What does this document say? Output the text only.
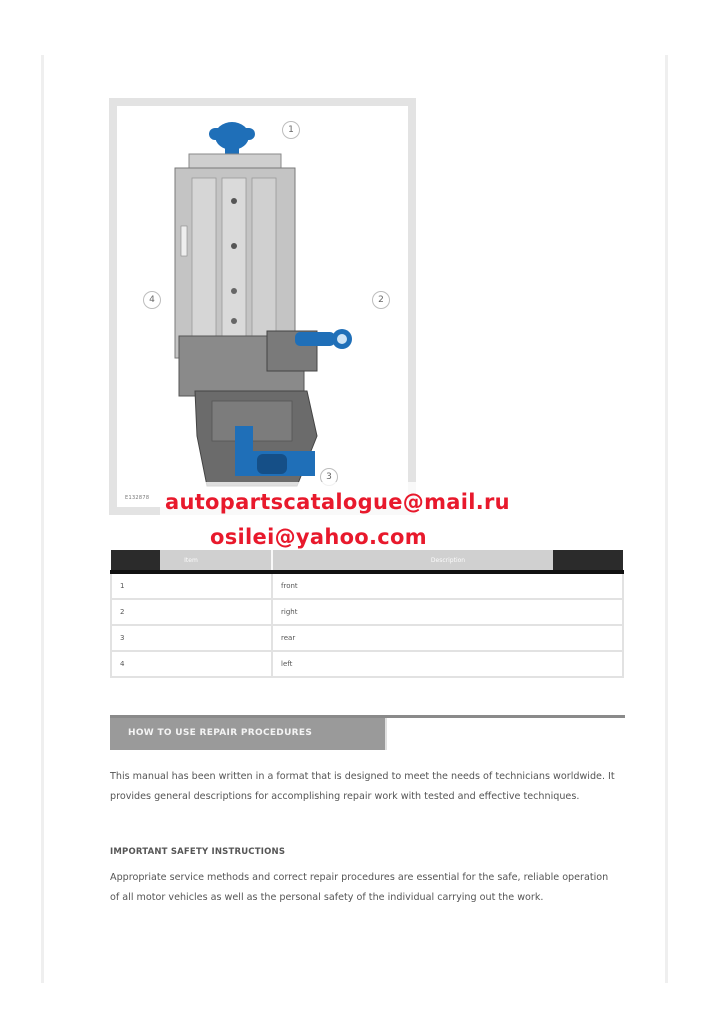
1
2
3
4
E132878 autopartscatalogue@mail.ru
osilei@yahoo.com

1	front
2	right
3	rear
4	left
HOW TO USE REPAIR PROCEDURES
This manual has been written in a format that is designed to meet the needs of technicians worldwide. It provides general descriptions for accomplishing repair work with tested and effective techniques.
IMPORTANT SAFETY INSTRUCTIONS
Appropriate service methods and correct repair procedures are essential for the safe, reliable operation of all motor vehicles as well as the personal safety of the individual carrying out the work.
